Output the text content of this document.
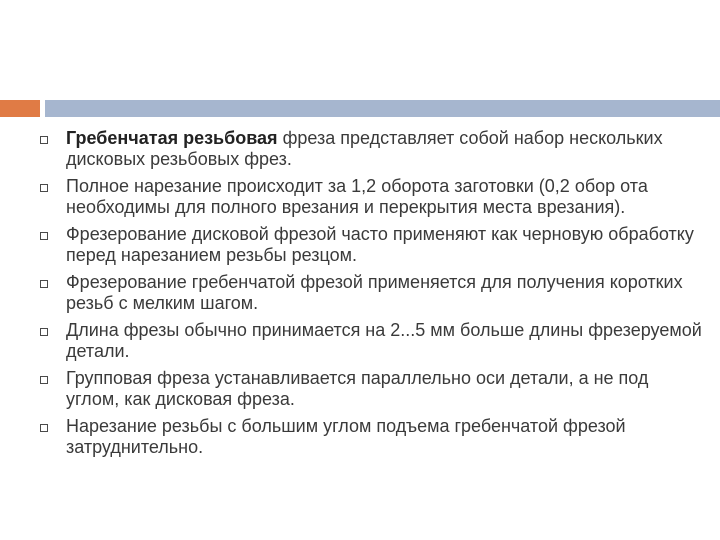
Гребенчатая резьбовая фреза представляет собой набор нескольких дисковых резьбовых фрез.
Полное нарезание происходит за 1,2 оборота заготовки (0,2 обор ота необходимы для полного врезания и перекрытия места врезания).
Фрезерование дисковой фрезой часто применяют как черновую обработку перед нарезанием резьбы резцом.
Фрезерование гребенчатой фрезой применяется для получения коротких резьб с мелким шагом.
Длина фрезы обычно принимается на 2...5 мм больше длины фрезеруемой детали.
Групповая фреза устанавливается параллельно оси детали, а не под углом, как дисковая фреза.
Нарезание резьбы с большим углом подъема гребенчатой фрезой затруднительно.
